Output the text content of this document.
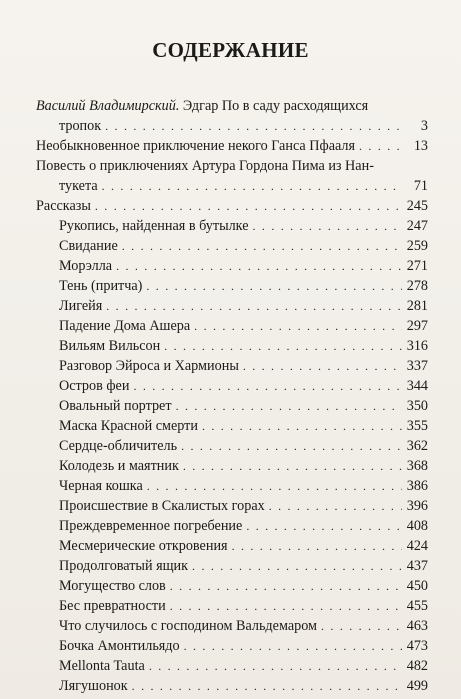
СОДЕРЖАНИЕ
Василий Владимирский. Эдгар По в саду расходящихся
тропок . . .	3
Необыкновенное приключение некого Ганса Пфааля . . .	13
Повесть о приключениях Артура Гордона Пима из Нан-
тукета . . .	71
Рассказы . . .	245
Рукопись, найденная в бутылке . . .	247
Свидание . . .	259
Морэлла . . .	271
Тень (притча) . . .	278
Лигейя . . .	281
Падение Дома Ашера . . .	297
Вильям Вильсон . . .	316
Разговор Эйроса и Хармионы . . .	337
Остров феи . . .	344
Овальный портрет . . .	350
Маска Красной смерти . . .	355
Сердце-обличитель . . .	362
Колодезь и маятник . . .	368
Черная кошка . . .	386
Происшествие в Скалистых горах . . .	396
Преждевременное погребение . . .	408
Месмерические откровения . . .	424
Продолговатый ящик . . .	437
Могущество слов . . .	450
Бес превратности . . .	455
Что случилось с господином Вальдемаром . . .	463
Бочка Амонтильядо . . .	473
Mellonta Tauta . . .	482
Лягушонок . . .	499
